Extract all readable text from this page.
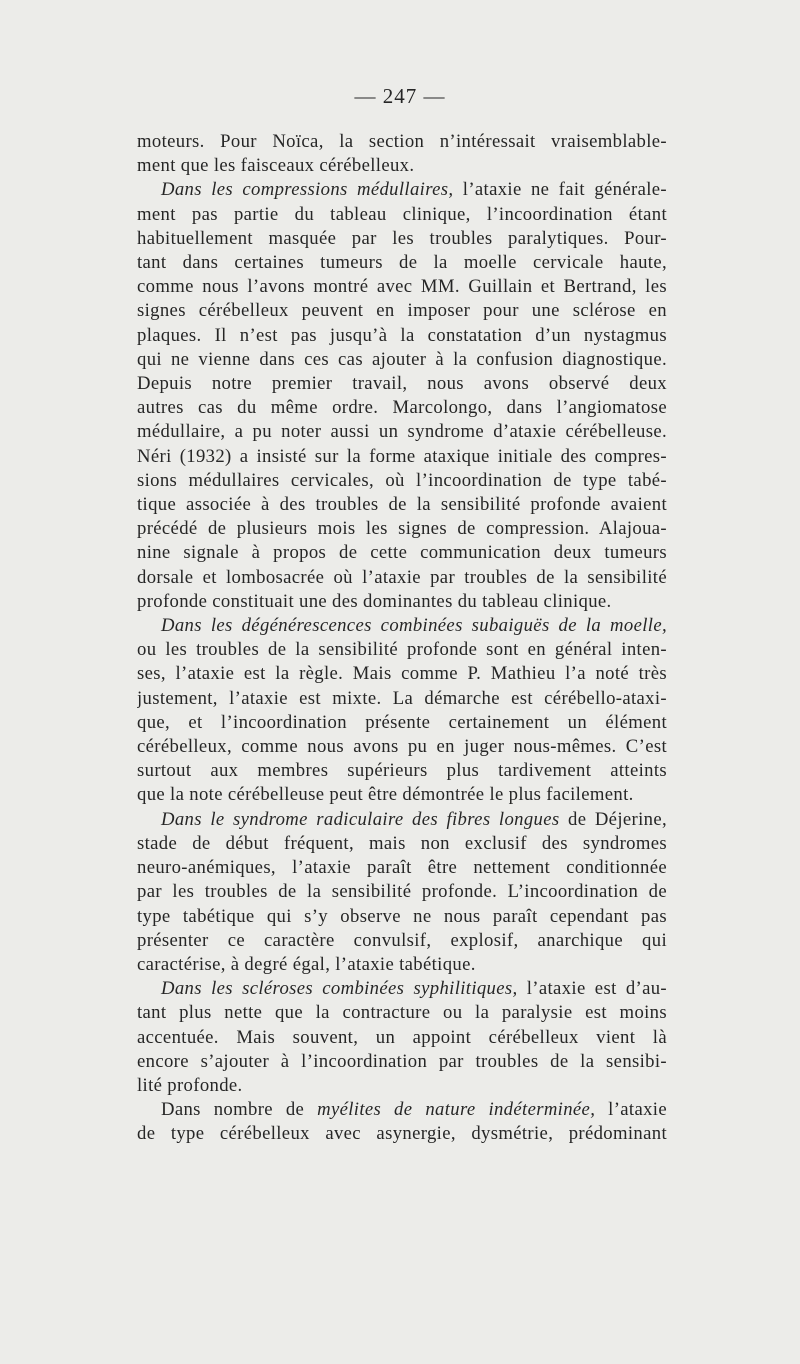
— 247 —
moteurs. Pour Noïca, la section n’intéressait vraisemblable-
ment que les faisceaux cérébelleux.
Dans les compressions médullaires, l’ataxie ne fait générale-
ment pas partie du tableau clinique, l’incoordination étant
habituellement masquée par les troubles paralytiques. Pour-
tant dans certaines tumeurs de la moelle cervicale haute,
comme nous l’avons montré avec MM. Guillain et Bertrand, les
signes cérébelleux peuvent en imposer pour une sclérose en
plaques. Il n’est pas jusqu’à la constatation d’un nystagmus
qui ne vienne dans ces cas ajouter à la confusion diagnostique.
Depuis notre premier travail, nous avons observé deux
autres cas du même ordre. Marcolongo, dans l’angiomatose
médullaire, a pu noter aussi un syndrome d’ataxie cérébelleuse.
Néri (1932) a insisté sur la forme ataxique initiale des compres-
sions médullaires cervicales, où l’incoordination de type tabé-
tique associée à des troubles de la sensibilité profonde avaient
précédé de plusieurs mois les signes de compression. Alajoua-
nine signale à propos de cette communication deux tumeurs
dorsale et lombosacrée où l’ataxie par troubles de la sensibilité
profonde constituait une des dominantes du tableau clinique.
Dans les dégénérescences combinées subaiguës de la moelle,
ou les troubles de la sensibilité profonde sont en général inten-
ses, l’ataxie est la règle. Mais comme P. Mathieu l’a noté très
justement, l’ataxie est mixte. La démarche est cérébello-ataxi-
que, et l’incoordination présente certainement un élément
cérébelleux, comme nous avons pu en juger nous-mêmes. C’est
surtout aux membres supérieurs plus tardivement atteints
que la note cérébelleuse peut être démontrée le plus facilement.
Dans le syndrome radiculaire des fibres longues de Déjerine,
stade de début fréquent, mais non exclusif des syndromes
neuro-anémiques, l’ataxie paraît être nettement conditionnée
par les troubles de la sensibilité profonde. L’incoordination de
type tabétique qui s’y observe ne nous paraît cependant pas
présenter ce caractère convulsif, explosif, anarchique qui
caractérise, à degré égal, l’ataxie tabétique.
Dans les scléroses combinées syphilitiques, l’ataxie est d’au-
tant plus nette que la contracture ou la paralysie est moins
accentuée. Mais souvent, un appoint cérébelleux vient là
encore s’ajouter à l’incoordination par troubles de la sensibi-
lité profonde.
Dans nombre de myélites de nature indéterminée, l’ataxie
de type cérébelleux avec asynergie, dysmétrie, prédominant
